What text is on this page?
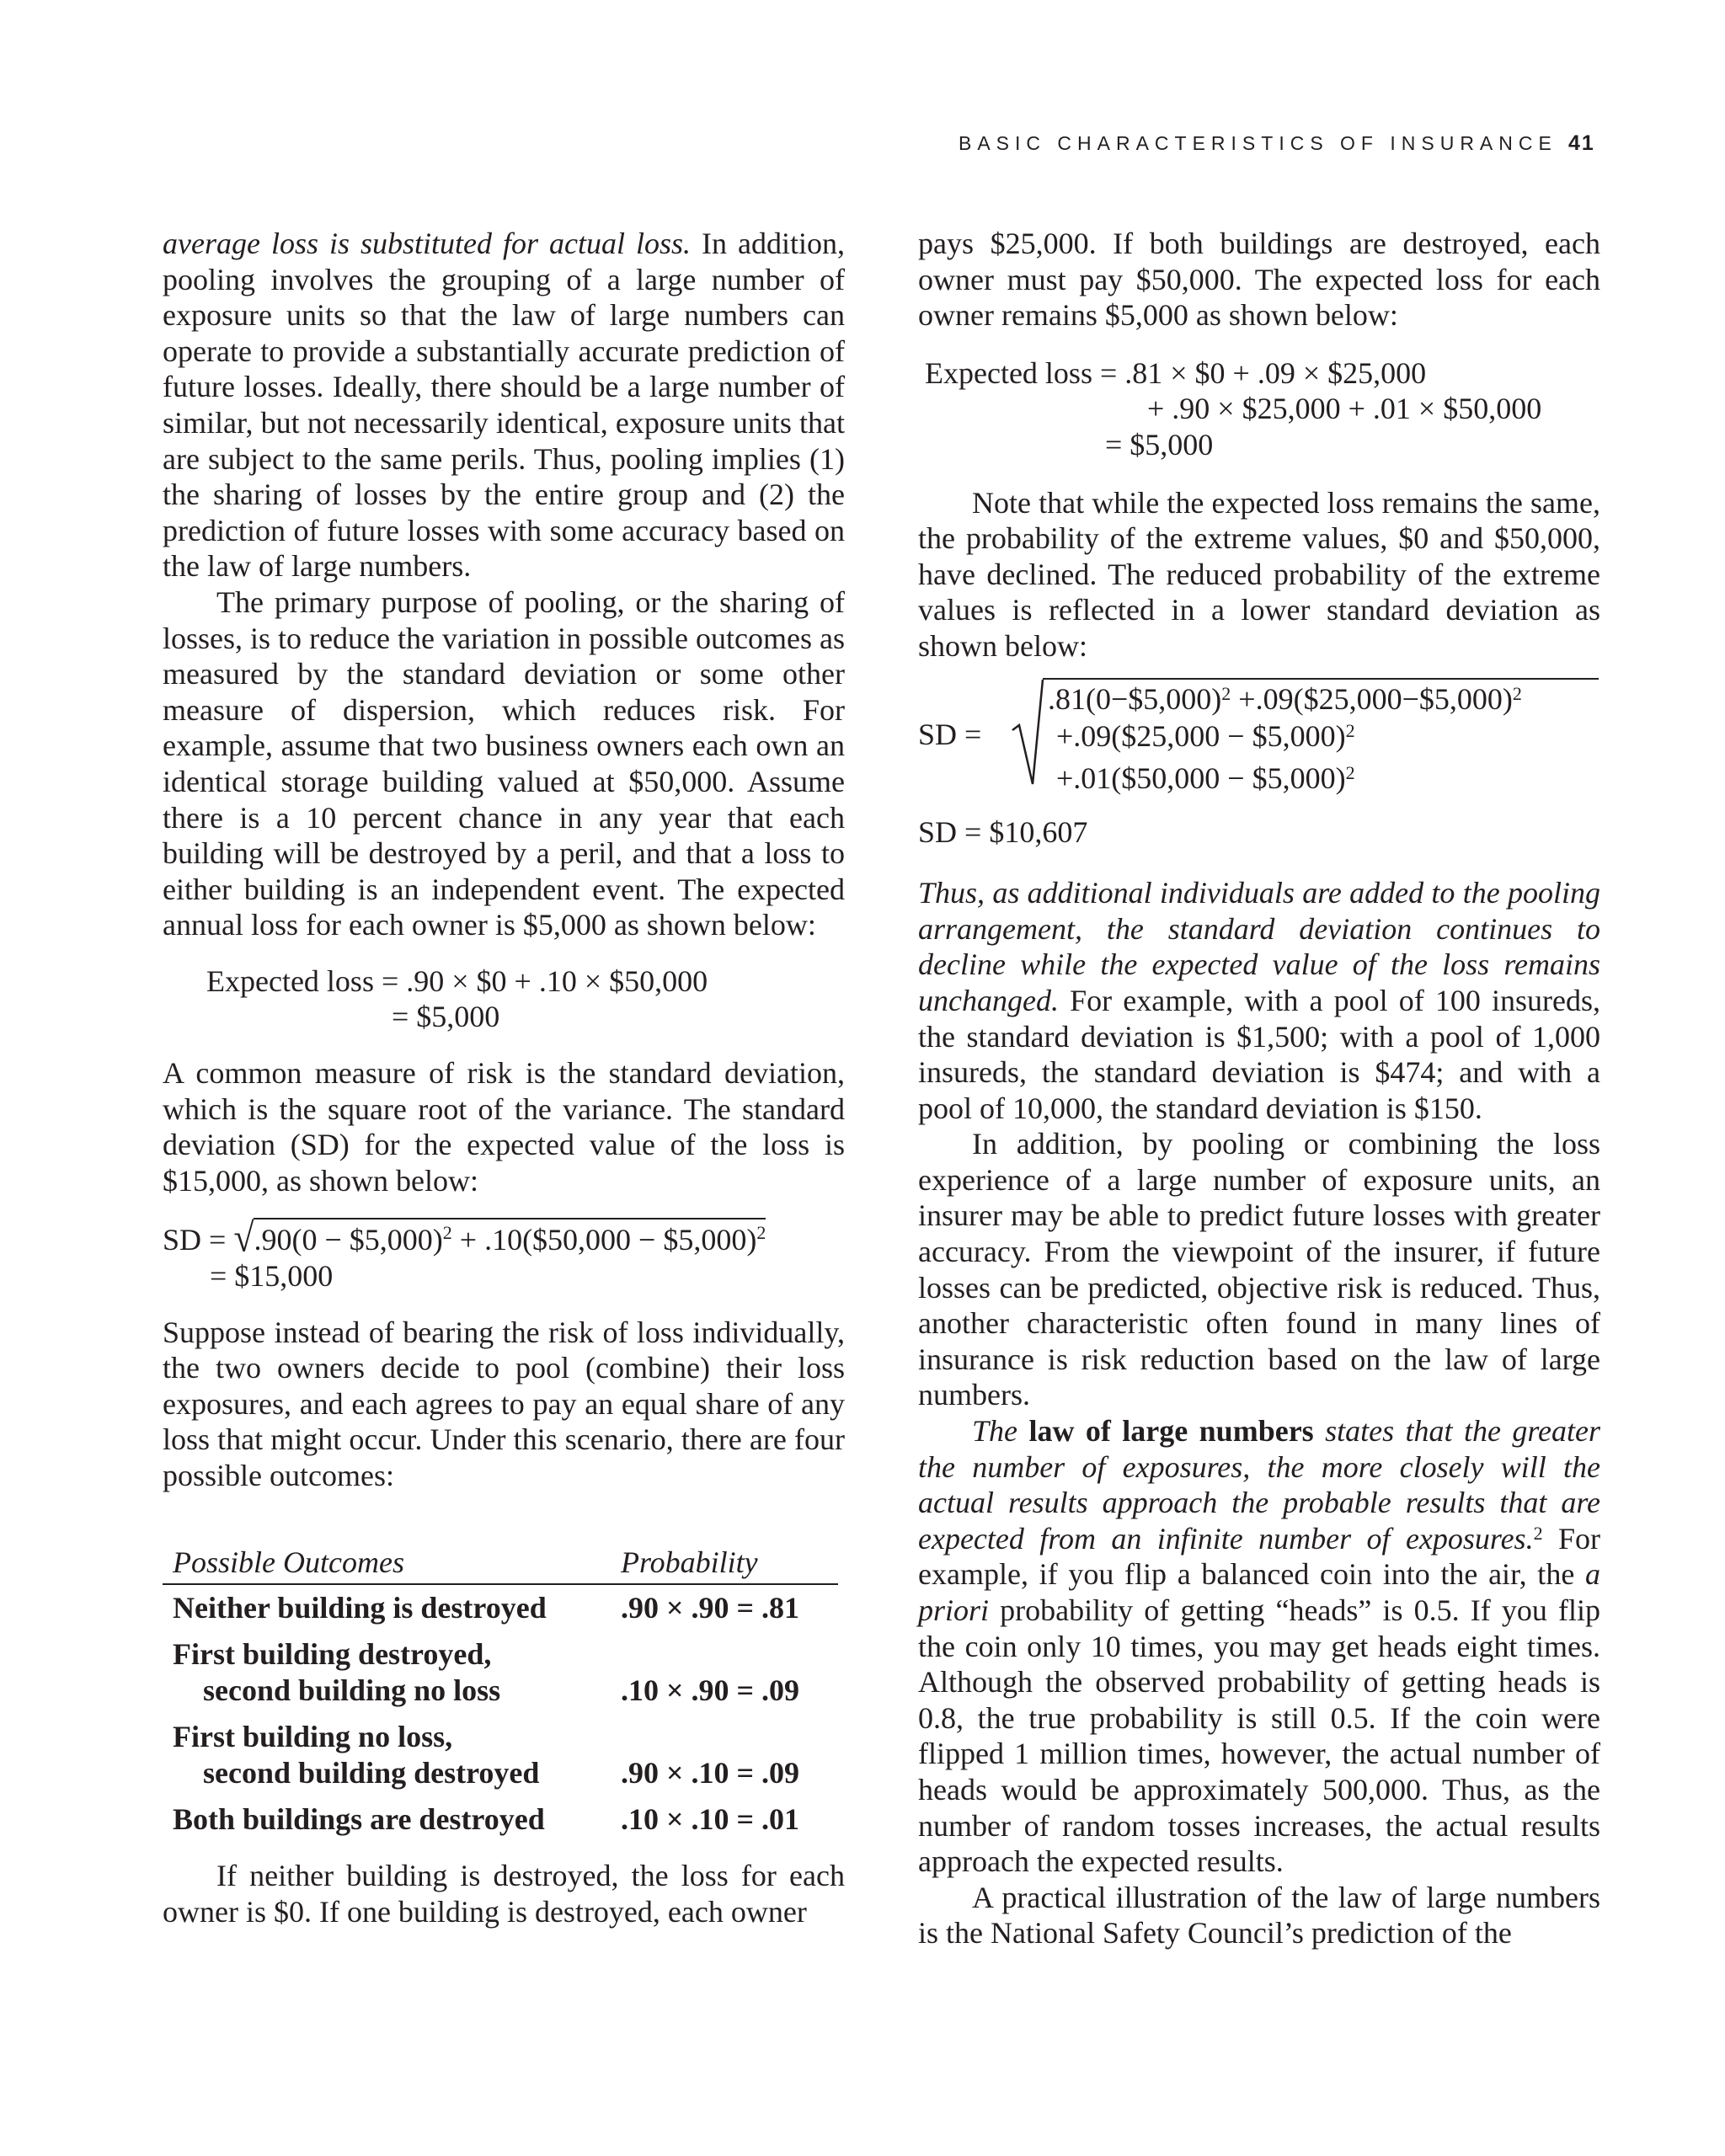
BASIC CHARACTERISTICS OF INSURANCE 41

average loss is substituted for actual loss. In addition, pooling involves the grouping of a large number of exposure units so that the law of large numbers can operate to provide a substantially accurate prediction of future losses. Ideally, there should be a large number of similar, but not necessarily identical, exposure units that are subject to the same perils. Thus, pooling implies (1) the sharing of losses by the entire group and (2) the prediction of future losses with some accuracy based on the law of large numbers.

The primary purpose of pooling, or the sharing of losses, is to reduce the variation in possible outcomes as measured by the standard deviation or some other measure of dispersion, which reduces risk. For example, assume that two business owners each own an identical storage building valued at $50,000. Assume there is a 10 percent chance in any year that each building will be destroyed by a peril, and that a loss to either building is an independent event. The expected annual loss for each owner is $5,000 as shown below:

Expected loss = .90 × $0 + .10 × $50,000
= $5,000

A common measure of risk is the standard deviation, which is the square root of the variance. The standard deviation (SD) for the expected value of the loss is $15,000, as shown below:

SD = √.90(0 − $5,000)$^2$ + .10($50,000 − $5,000)$^2$
= $15,000

Suppose instead of bearing the risk of loss individually, the two owners decide to pool (combine) their loss exposures, and each agrees to pay an equal share of any loss that might occur. Under this scenario, there are four possible outcomes:

Possible Outcomes	Probability
Neither building is destroyed	.90 × .90 = .81
First building destroyed,
second building no loss	.10 × .90 = .09
First building no loss,
second building destroyed	.90 × .10 = .09
Both buildings are destroyed	.10 × .10 = .01

If neither building is destroyed, the loss for each owner is $0. If one building is destroyed, each owner

pays $25,000. If both buildings are destroyed, each owner must pay $50,000. The expected loss for each owner remains $5,000 as shown below:

Expected loss = .81 × $0 + .09 × $25,000
+ .90 × $25,000 + .01 × $50,000
= $5,000

Note that while the expected loss remains the same, the probability of the extreme values, $0 and $50,000, have declined. The reduced probability of the extreme values is reflected in a lower standard deviation as shown below:

SD =
.81(0−$5,000)$^2$ +.09($25,000−$5,000)$^2$
+.09($25,000 − $5,000)$^2$
+.01($50,000 − $5,000)$^2$
SD = $10,607

Thus, as additional individuals are added to the pooling arrangement, the standard deviation continues to decline while the expected value of the loss remains unchanged. For example, with a pool of 100 insureds, the standard deviation is $1,500; with a pool of 1,000 insureds, the standard deviation is $474; and with a pool of 10,000, the standard deviation is $150.

In addition, by pooling or combining the loss experience of a large number of exposure units, an insurer may be able to predict future losses with greater accuracy. From the viewpoint of the insurer, if future losses can be predicted, objective risk is reduced. Thus, another characteristic often found in many lines of insurance is risk reduction based on the law of large numbers.

The law of large numbers states that the greater the number of exposures, the more closely will the actual results approach the probable results that are expected from an infinite number of exposures.$^2$ For example, if you flip a balanced coin into the air, the a priori probability of getting “heads” is 0.5. If you flip the coin only 10 times, you may get heads eight times. Although the observed probability of getting heads is 0.8, the true probability is still 0.5. If the coin were flipped 1 million times, however, the actual number of heads would be approximately 500,000. Thus, as the number of random tosses increases, the actual results approach the expected results.

A practical illustration of the law of large numbers is the National Safety Council’s prediction of the
